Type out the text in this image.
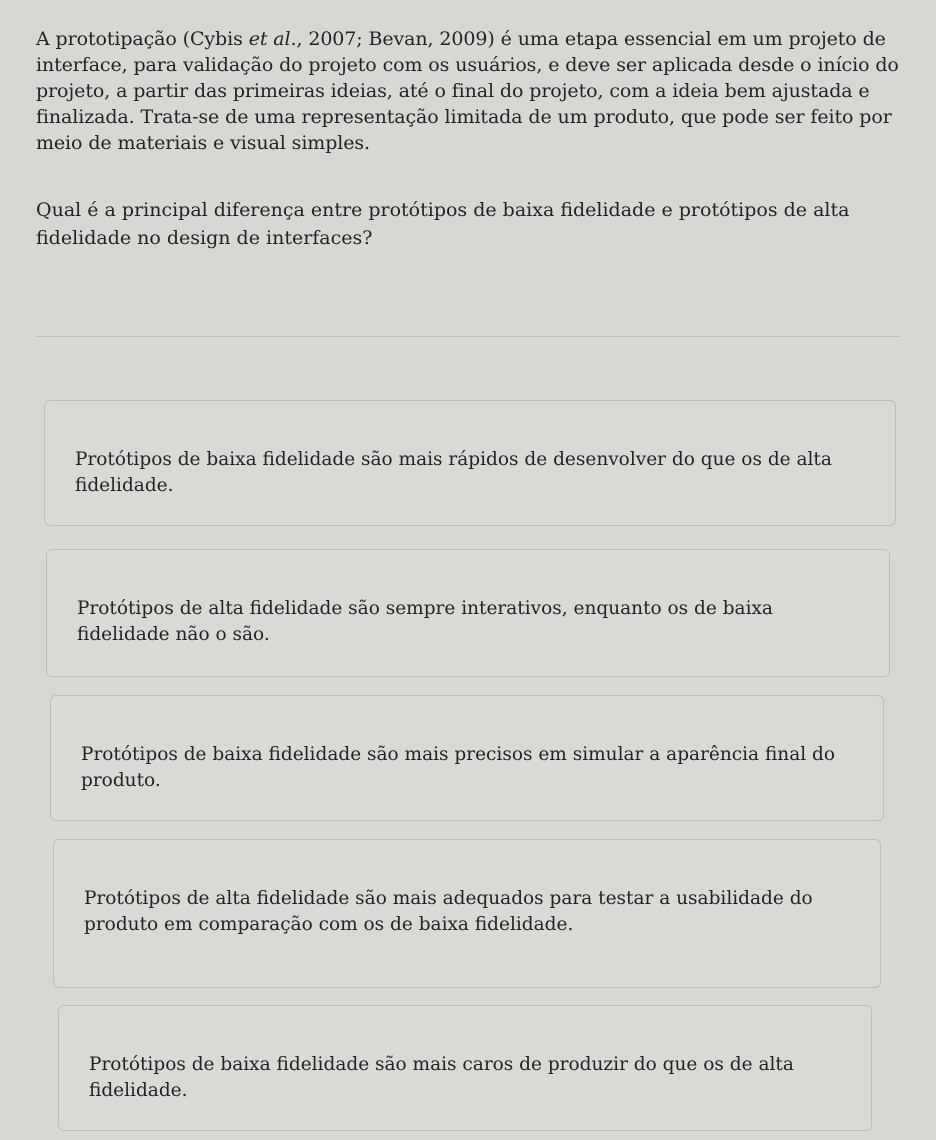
A prototipação (Cybis et al., 2007; Bevan, 2009) é uma etapa essencial em um projeto de interface, para validação do projeto com os usuários, e deve ser aplicada desde o início do projeto, a partir das primeiras ideias, até o final do projeto, com a ideia bem ajustada e finalizada. Trata-se de uma representação limitada de um produto, que pode ser feito por meio de materiais e visual simples.
Qual é a principal diferença entre protótipos de baixa fidelidade e protótipos de alta fidelidade no design de interfaces?
Protótipos de baixa fidelidade são mais rápidos de desenvolver do que os de alta fidelidade.
Protótipos de alta fidelidade são sempre interativos, enquanto os de baixa fidelidade não o são.
Protótipos de baixa fidelidade são mais precisos em simular a aparência final do produto.
Protótipos de alta fidelidade são mais adequados para testar a usabilidade do produto em comparação com os de baixa fidelidade.
Protótipos de baixa fidelidade são mais caros de produzir do que os de alta fidelidade.
